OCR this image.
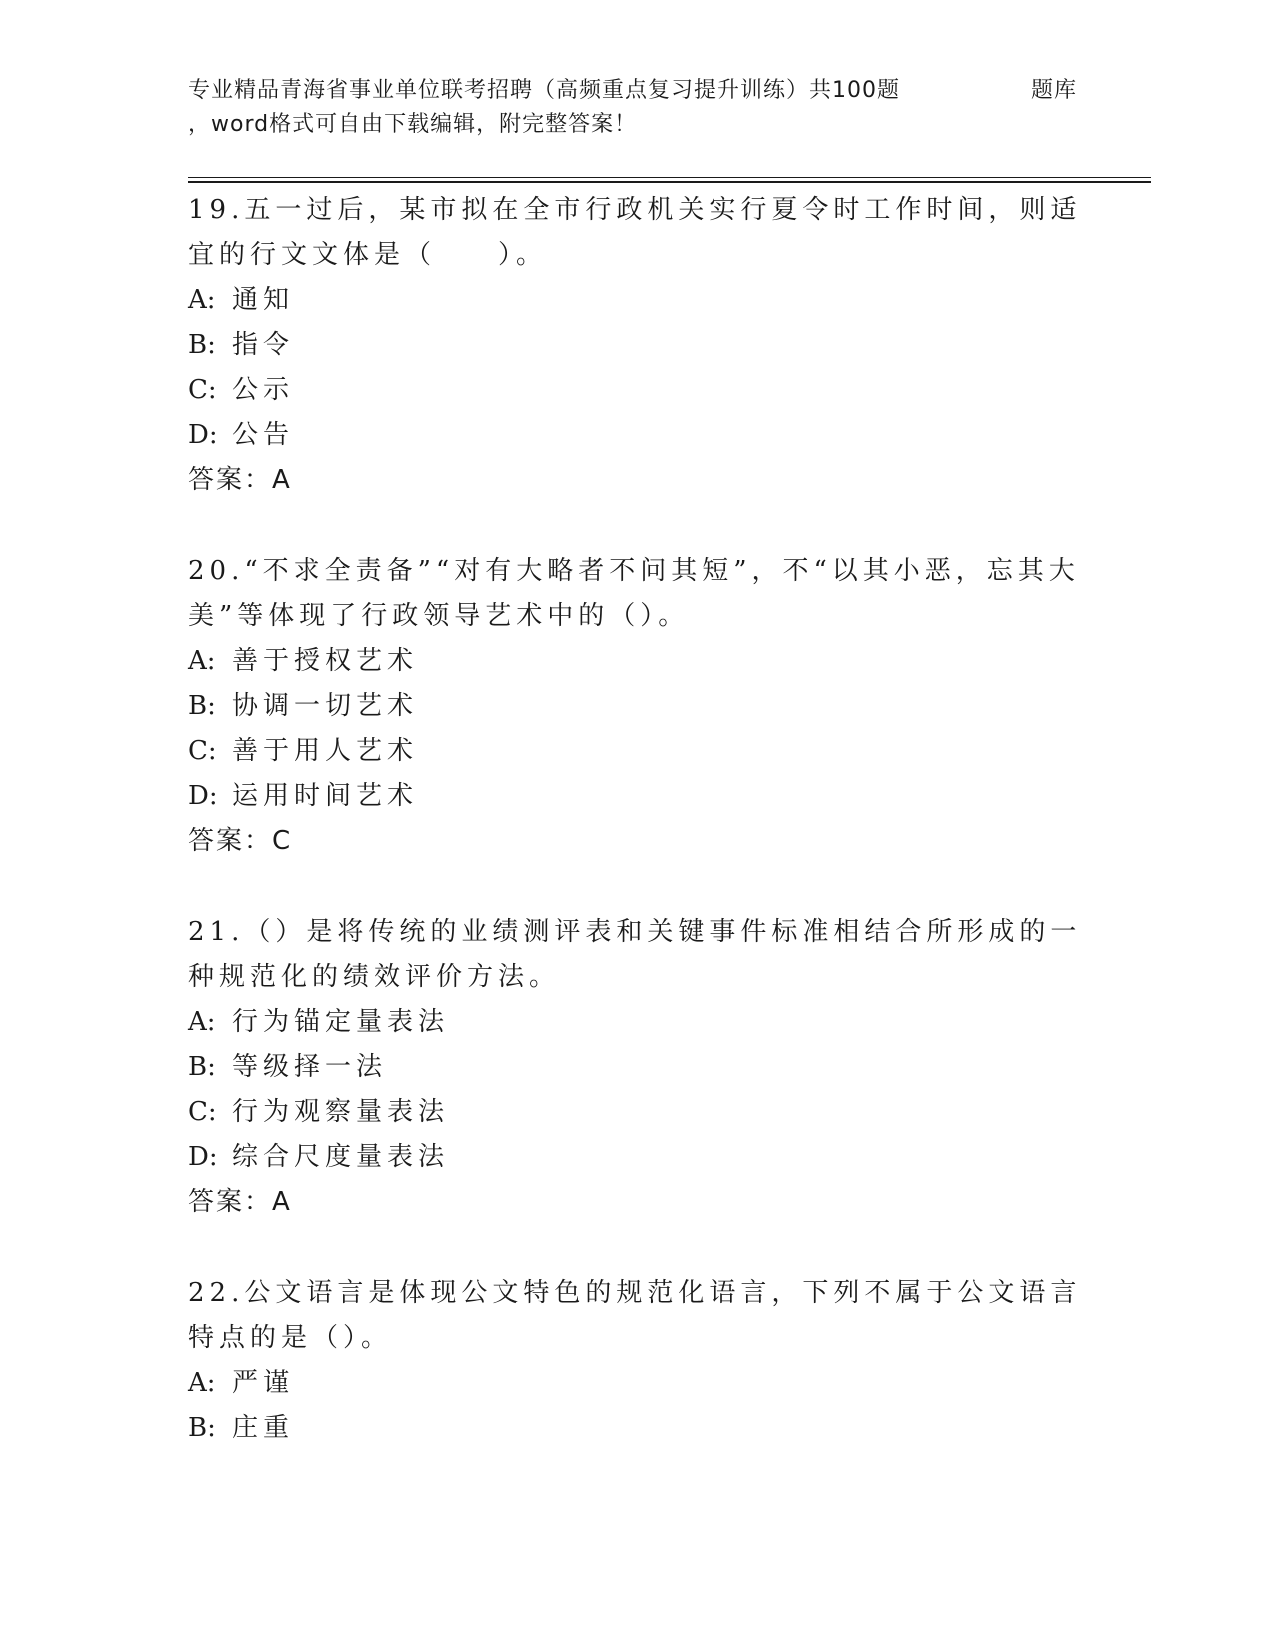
专业精品青海省事业单位联考招聘（高频重点复习提升训练）共100题	题库
，word格式可自由下载编辑，附完整答案！

19.五一过后，某市拟在全市行政机关实行夏令时工作时间，则适宜的行文文体是（　　）。

A: 通知
B: 指令
C: 公示
D: 公告
答案：A

20.“不求全责备”“对有大略者不问其短”，不“以其小恶，忘其大美”等体现了行政领导艺术中的（）。

A: 善于授权艺术
B: 协调一切艺术
C: 善于用人艺术
D: 运用时间艺术
答案：C

21.（）是将传统的业绩测评表和关键事件标准相结合所形成的一种规范化的绩效评价方法。

A: 行为锚定量表法
B: 等级择一法
C: 行为观察量表法
D: 综合尺度量表法
答案：A

22.公文语言是体现公文特色的规范化语言，下列不属于公文语言特点的是（）。

A: 严谨
B: 庄重
